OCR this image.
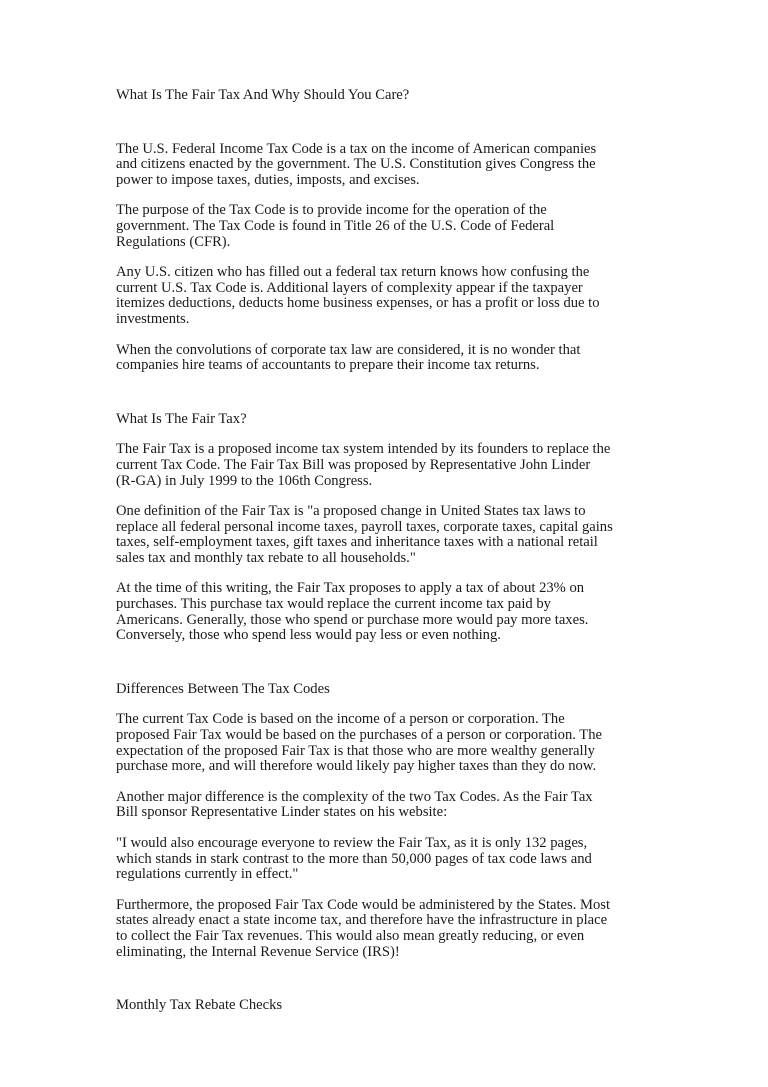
What Is The Fair Tax And Why Should You Care?

The U.S. Federal Income Tax Code is a tax on the income of American companies
and citizens enacted by the government. The U.S. Constitution gives Congress the
power to impose taxes, duties, imposts, and excises.

The purpose of the Tax Code is to provide income for the operation of the
government. The Tax Code is found in Title 26 of the U.S. Code of Federal
Regulations (CFR).

Any U.S. citizen who has filled out a federal tax return knows how confusing the
current U.S. Tax Code is. Additional layers of complexity appear if the taxpayer
itemizes deductions, deducts home business expenses, or has a profit or loss due to
investments.

When the convolutions of corporate tax law are considered, it is no wonder that
companies hire teams of accountants to prepare their income tax returns.

What Is The Fair Tax?

The Fair Tax is a proposed income tax system intended by its founders to replace the
current Tax Code. The Fair Tax Bill was proposed by Representative John Linder
(R-GA) in July 1999 to the 106th Congress.

One definition of the Fair Tax is "a proposed change in United States tax laws to
replace all federal personal income taxes, payroll taxes, corporate taxes, capital gains
taxes, self-employment taxes, gift taxes and inheritance taxes with a national retail
sales tax and monthly tax rebate to all households."

At the time of this writing, the Fair Tax proposes to apply a tax of about 23% on
purchases. This purchase tax would replace the current income tax paid by
Americans. Generally, those who spend or purchase more would pay more taxes.
Conversely, those who spend less would pay less or even nothing.

Differences Between The Tax Codes

The current Tax Code is based on the income of a person or corporation. The
proposed Fair Tax would be based on the purchases of a person or corporation. The
expectation of the proposed Fair Tax is that those who are more wealthy generally
purchase more, and will therefore would likely pay higher taxes than they do now.

Another major difference is the complexity of the two Tax Codes. As the Fair Tax
Bill sponsor Representative Linder states on his website:

"I would also encourage everyone to review the Fair Tax, as it is only 132 pages,
which stands in stark contrast to the more than 50,000 pages of tax code laws and
regulations currently in effect."

Furthermore, the proposed Fair Tax Code would be administered by the States. Most
states already enact a state income tax, and therefore have the infrastructure in place
to collect the Fair Tax revenues. This would also mean greatly reducing, or even
eliminating, the Internal Revenue Service (IRS)!

Monthly Tax Rebate Checks
